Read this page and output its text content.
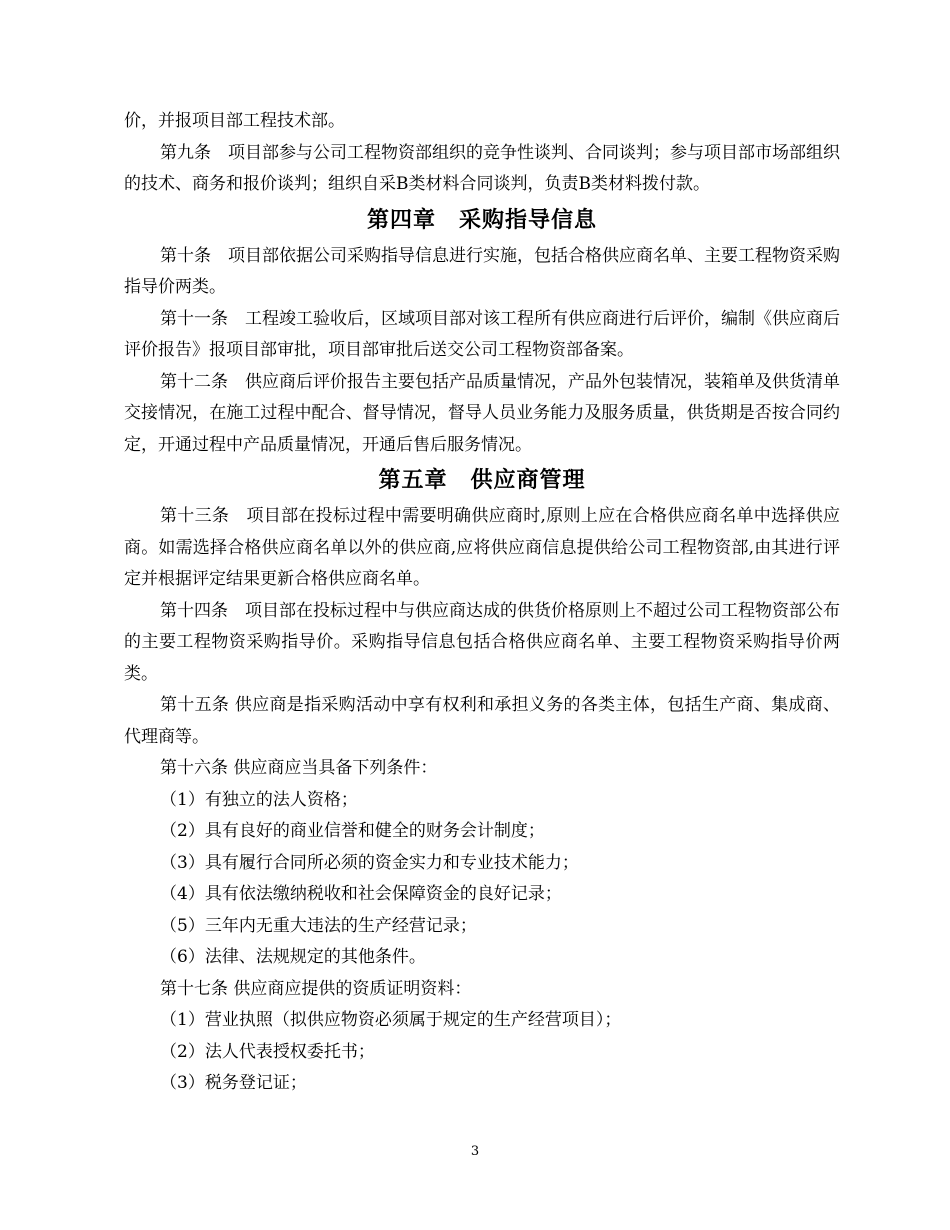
价，并报项目部工程技术部。

第九条　项目部参与公司工程物资部组织的竞争性谈判、合同谈判；参与项目部市场部组织的技术、商务和报价谈判；组织自采B类材料合同谈判，负责B类材料拨付款。

第四章　采购指导信息

第十条　项目部依据公司采购指导信息进行实施，包括合格供应商名单、主要工程物资采购指导价两类。

第十一条　工程竣工验收后，区域项目部对该工程所有供应商进行后评价，编制《供应商后评价报告》报项目部审批，项目部审批后送交公司工程物资部备案。

第十二条　供应商后评价报告主要包括产品质量情况，产品外包装情况，装箱单及供货清单交接情况，在施工过程中配合、督导情况，督导人员业务能力及服务质量，供货期是否按合同约定，开通过程中产品质量情况，开通后售后服务情况。

第五章　供应商管理

第十三条　项目部在投标过程中需要明确供应商时,原则上应在合格供应商名单中选择供应商。如需选择合格供应商名单以外的供应商,应将供应商信息提供给公司工程物资部,由其进行评定并根据评定结果更新合格供应商名单。

第十四条　项目部在投标过程中与供应商达成的供货价格原则上不超过公司工程物资部公布的主要工程物资采购指导价。采购指导信息包括合格供应商名单、主要工程物资采购指导价两类。

第十五条 供应商是指采购活动中享有权利和承担义务的各类主体，包括生产商、集成商、代理商等。

第十六条 供应商应当具备下列条件：

（1）有独立的法人资格；

（2）具有良好的商业信誉和健全的财务会计制度；

（3）具有履行合同所必须的资金实力和专业技术能力；

（4）具有依法缴纳税收和社会保障资金的良好记录；

（5）三年内无重大违法的生产经营记录；

（6）法律、法规规定的其他条件。

第十七条 供应商应提供的资质证明资料：

（1）营业执照（拟供应物资必须属于规定的生产经营项目）；

（2）法人代表授权委托书；

（3）税务登记证；

3
